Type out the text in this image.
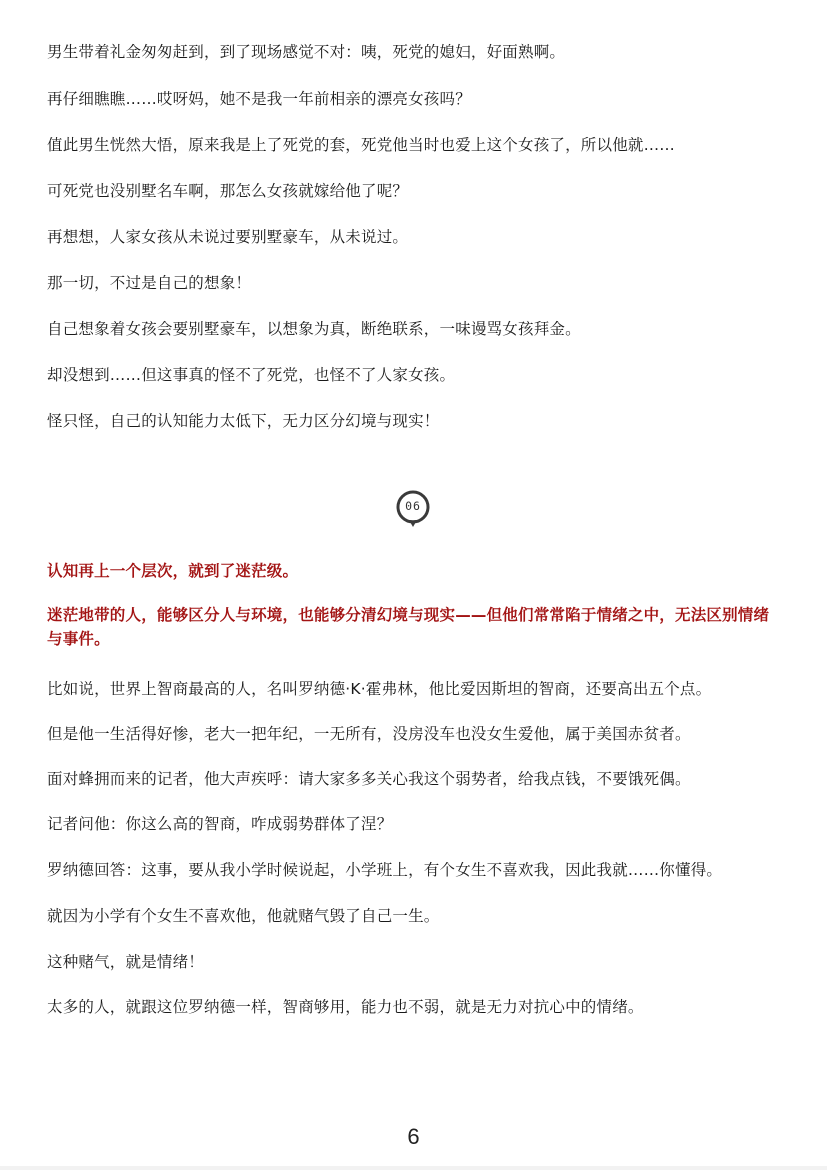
男生带着礼金匆匆赶到，到了现场感觉不对：咦，死党的媳妇，好面熟啊。
再仔细瞧瞧……哎呀妈，她不是我一年前相亲的漂亮女孩吗？
值此男生恍然大悟，原来我是上了死党的套，死党他当时也爱上这个女孩了，所以他就……
可死党也没别墅名车啊，那怎么女孩就嫁给他了呢？
再想想，人家女孩从未说过要别墅豪车，从未说过。
那一切，不过是自己的想象！
自己想象着女孩会要别墅豪车，以想象为真，断绝联系，一味谩骂女孩拜金。
却没想到……但这事真的怪不了死党，也怪不了人家女孩。
怪只怪，自己的认知能力太低下，无力区分幻境与现实！
06
认知再上一个层次，就到了迷茫级。
迷茫地带的人，能够区分人与环境，也能够分清幻境与现实——但他们常常陷于情绪之中，无法区别情绪与事件。
比如说，世界上智商最高的人，名叫罗纳德·K·霍弗林，他比爱因斯坦的智商，还要高出五个点。
但是他一生活得好惨，老大一把年纪，一无所有，没房没车也没女生爱他，属于美国赤贫者。
面对蜂拥而来的记者，他大声疾呼：请大家多多关心我这个弱势者，给我点钱，不要饿死偶。
记者问他：你这么高的智商，咋成弱势群体了涅？
罗纳德回答：这事，要从我小学时候说起，小学班上，有个女生不喜欢我，因此我就……你懂得。
就因为小学有个女生不喜欢他，他就赌气毁了自己一生。
这种赌气，就是情绪！
太多的人，就跟这位罗纳德一样，智商够用，能力也不弱，就是无力对抗心中的情绪。
6
